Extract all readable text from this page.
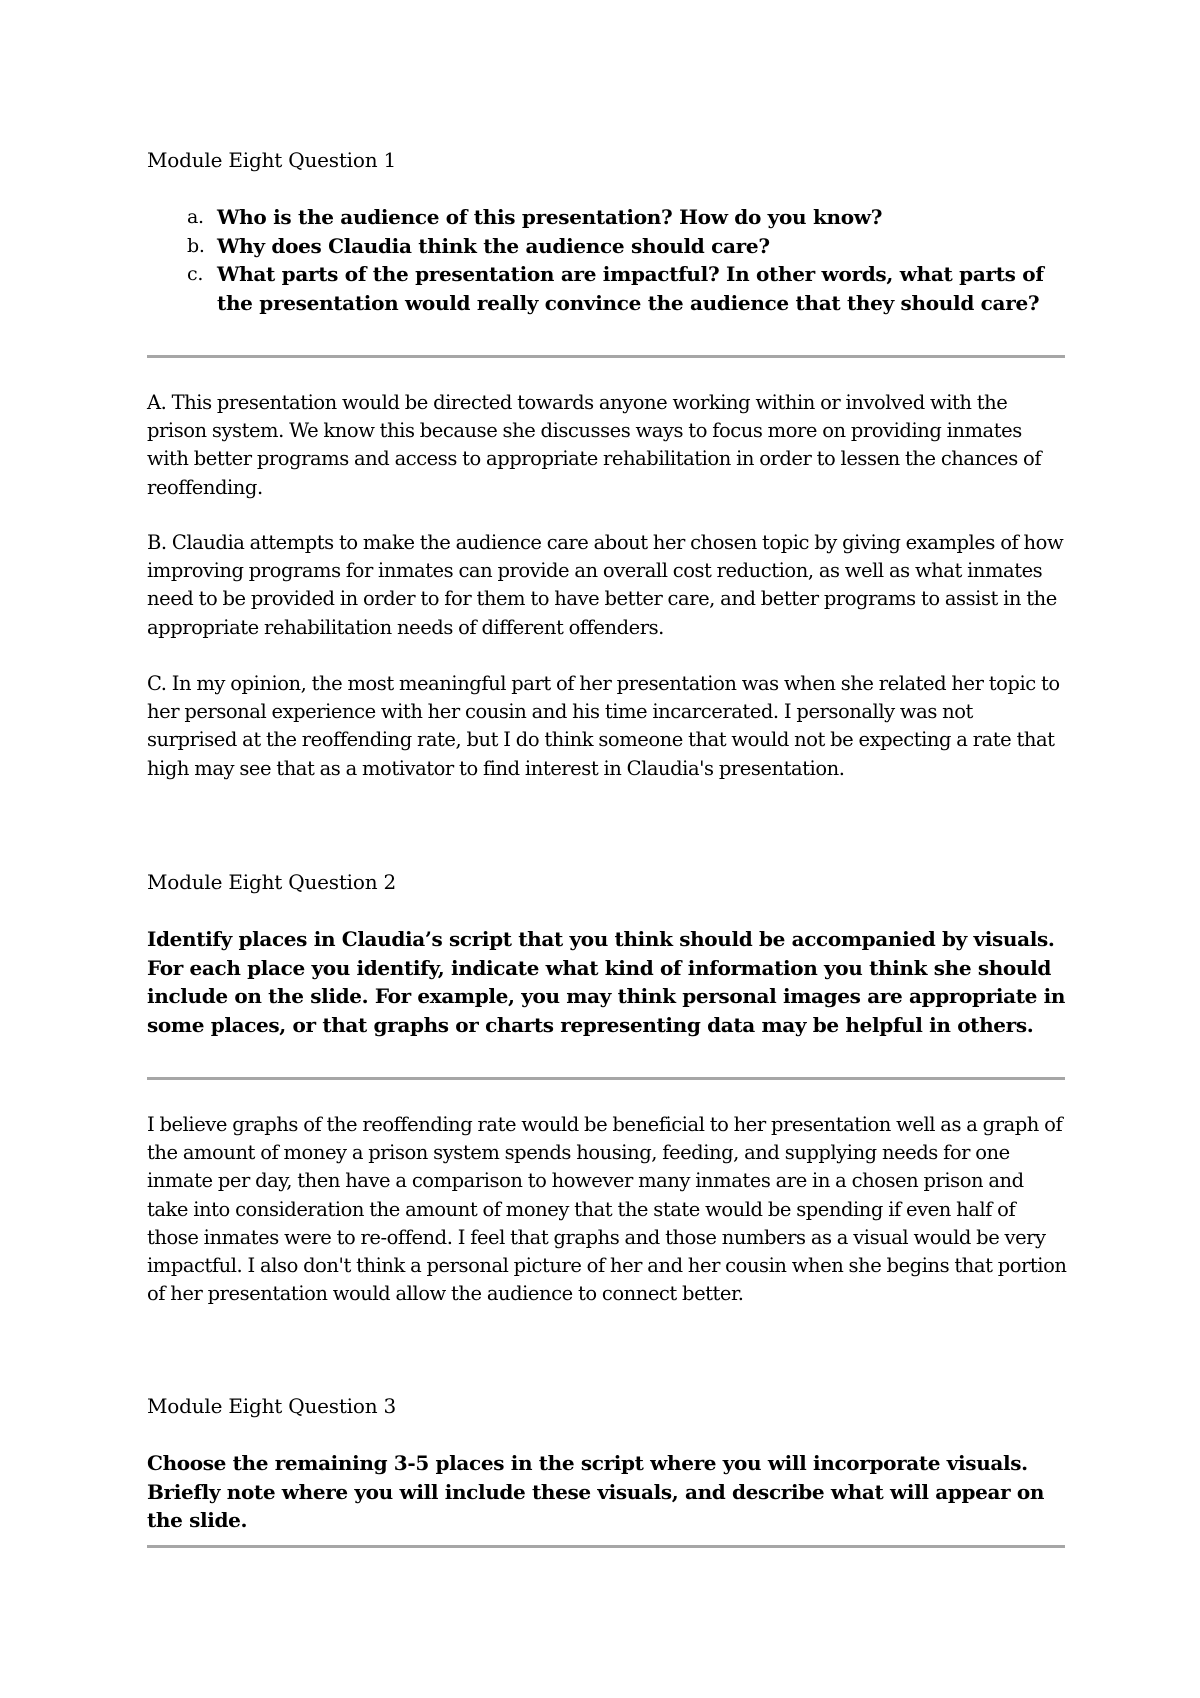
Module Eight Question 1
a. Who is the audience of this presentation? How do you know?
b. Why does Claudia think the audience should care?
c. What parts of the presentation are impactful? In other words, what parts of the presentation would really convince the audience that they should care?

A. This presentation would be directed towards anyone working within or involved with the prison system. We know this because she discusses ways to focus more on providing inmates with better programs and access to appropriate rehabilitation in order to lessen the chances of reoffending.

B. Claudia attempts to make the audience care about her chosen topic by giving examples of how improving programs for inmates can provide an overall cost reduction, as well as what inmates need to be provided in order to for them to have better care, and better programs to assist in the appropriate rehabilitation needs of different offenders.

C. In my opinion, the most meaningful part of her presentation was when she related her topic to her personal experience with her cousin and his time incarcerated. I personally was not surprised at the reoffending rate, but I do think someone that would not be expecting a rate that high may see that as a motivator to find interest in Claudia's presentation.

Module Eight Question 2

Identify places in Claudia’s script that you think should be accompanied by visuals. For each place you identify, indicate what kind of information you think she should include on the slide. For example, you may think personal images are appropriate in some places, or that graphs or charts representing data may be helpful in others.

I believe graphs of the reoffending rate would be beneficial to her presentation well as a graph of the amount of money a prison system spends housing, feeding, and supplying needs for one inmate per day, then have a comparison to however many inmates are in a chosen prison and take into consideration the amount of money that the state would be spending if even half of those inmates were to re-offend. I feel that graphs and those numbers as a visual would be very impactful. I also don't think a personal picture of her and her cousin when she begins that portion of her presentation would allow the audience to connect better.

Module Eight Question 3

Choose the remaining 3-5 places in the script where you will incorporate visuals. Briefly note where you will include these visuals, and describe what will appear on the slide.
